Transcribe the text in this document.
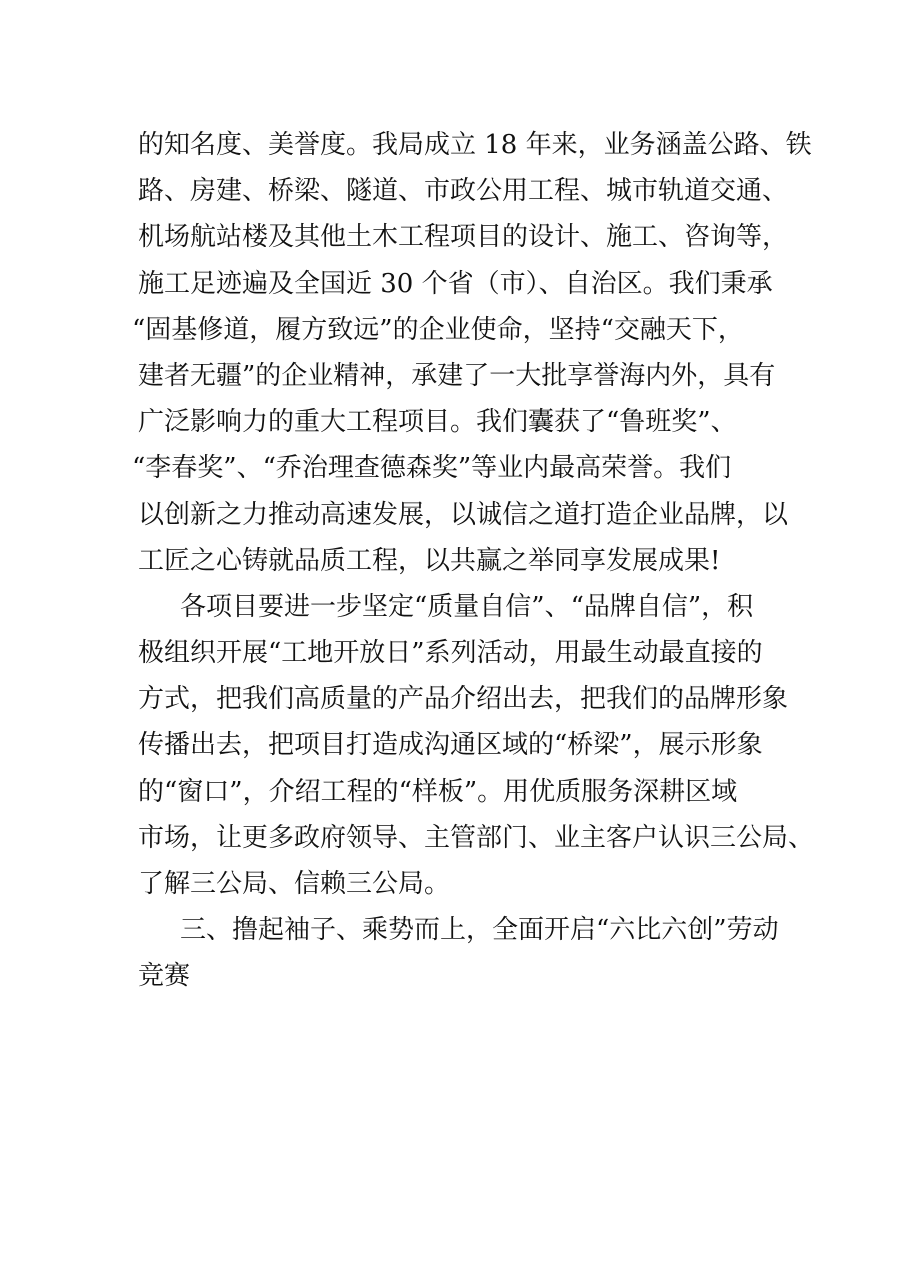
的知名度、美誉度。我局成立 18 年来，业务涵盖公路、铁
路、房建、桥梁、隧道、市政公用工程、城市轨道交通、
机场航站楼及其他土木工程项目的设计、施工、咨询等，
施工足迹遍及全国近 30 个省（市）、自治区。我们秉承
“固基修道，履方致远”的企业使命，坚持“交融天下，
建者无疆”的企业精神，承建了一大批享誉海内外，具有
广泛影响力的重大工程项目。我们囊获了“鲁班奖”、
“李春奖”、“乔治理查德森奖”等业内最高荣誉。我们
以创新之力推动高速发展，以诚信之道打造企业品牌，以
工匠之心铸就品质工程，以共赢之举同享发展成果!
各项目要进一步坚定“质量自信”、“品牌自信”，积
极组织开展“工地开放日”系列活动，用最生动最直接的
方式，把我们高质量的产品介绍出去，把我们的品牌形象
传播出去，把项目打造成沟通区域的“桥梁”，展示形象
的“窗口”，介绍工程的“样板”。用优质服务深耕区域
市场，让更多政府领导、主管部门、业主客户认识三公局、
了解三公局、信赖三公局。
三、撸起袖子、乘势而上，全面开启“六比六创”劳动
竞赛
